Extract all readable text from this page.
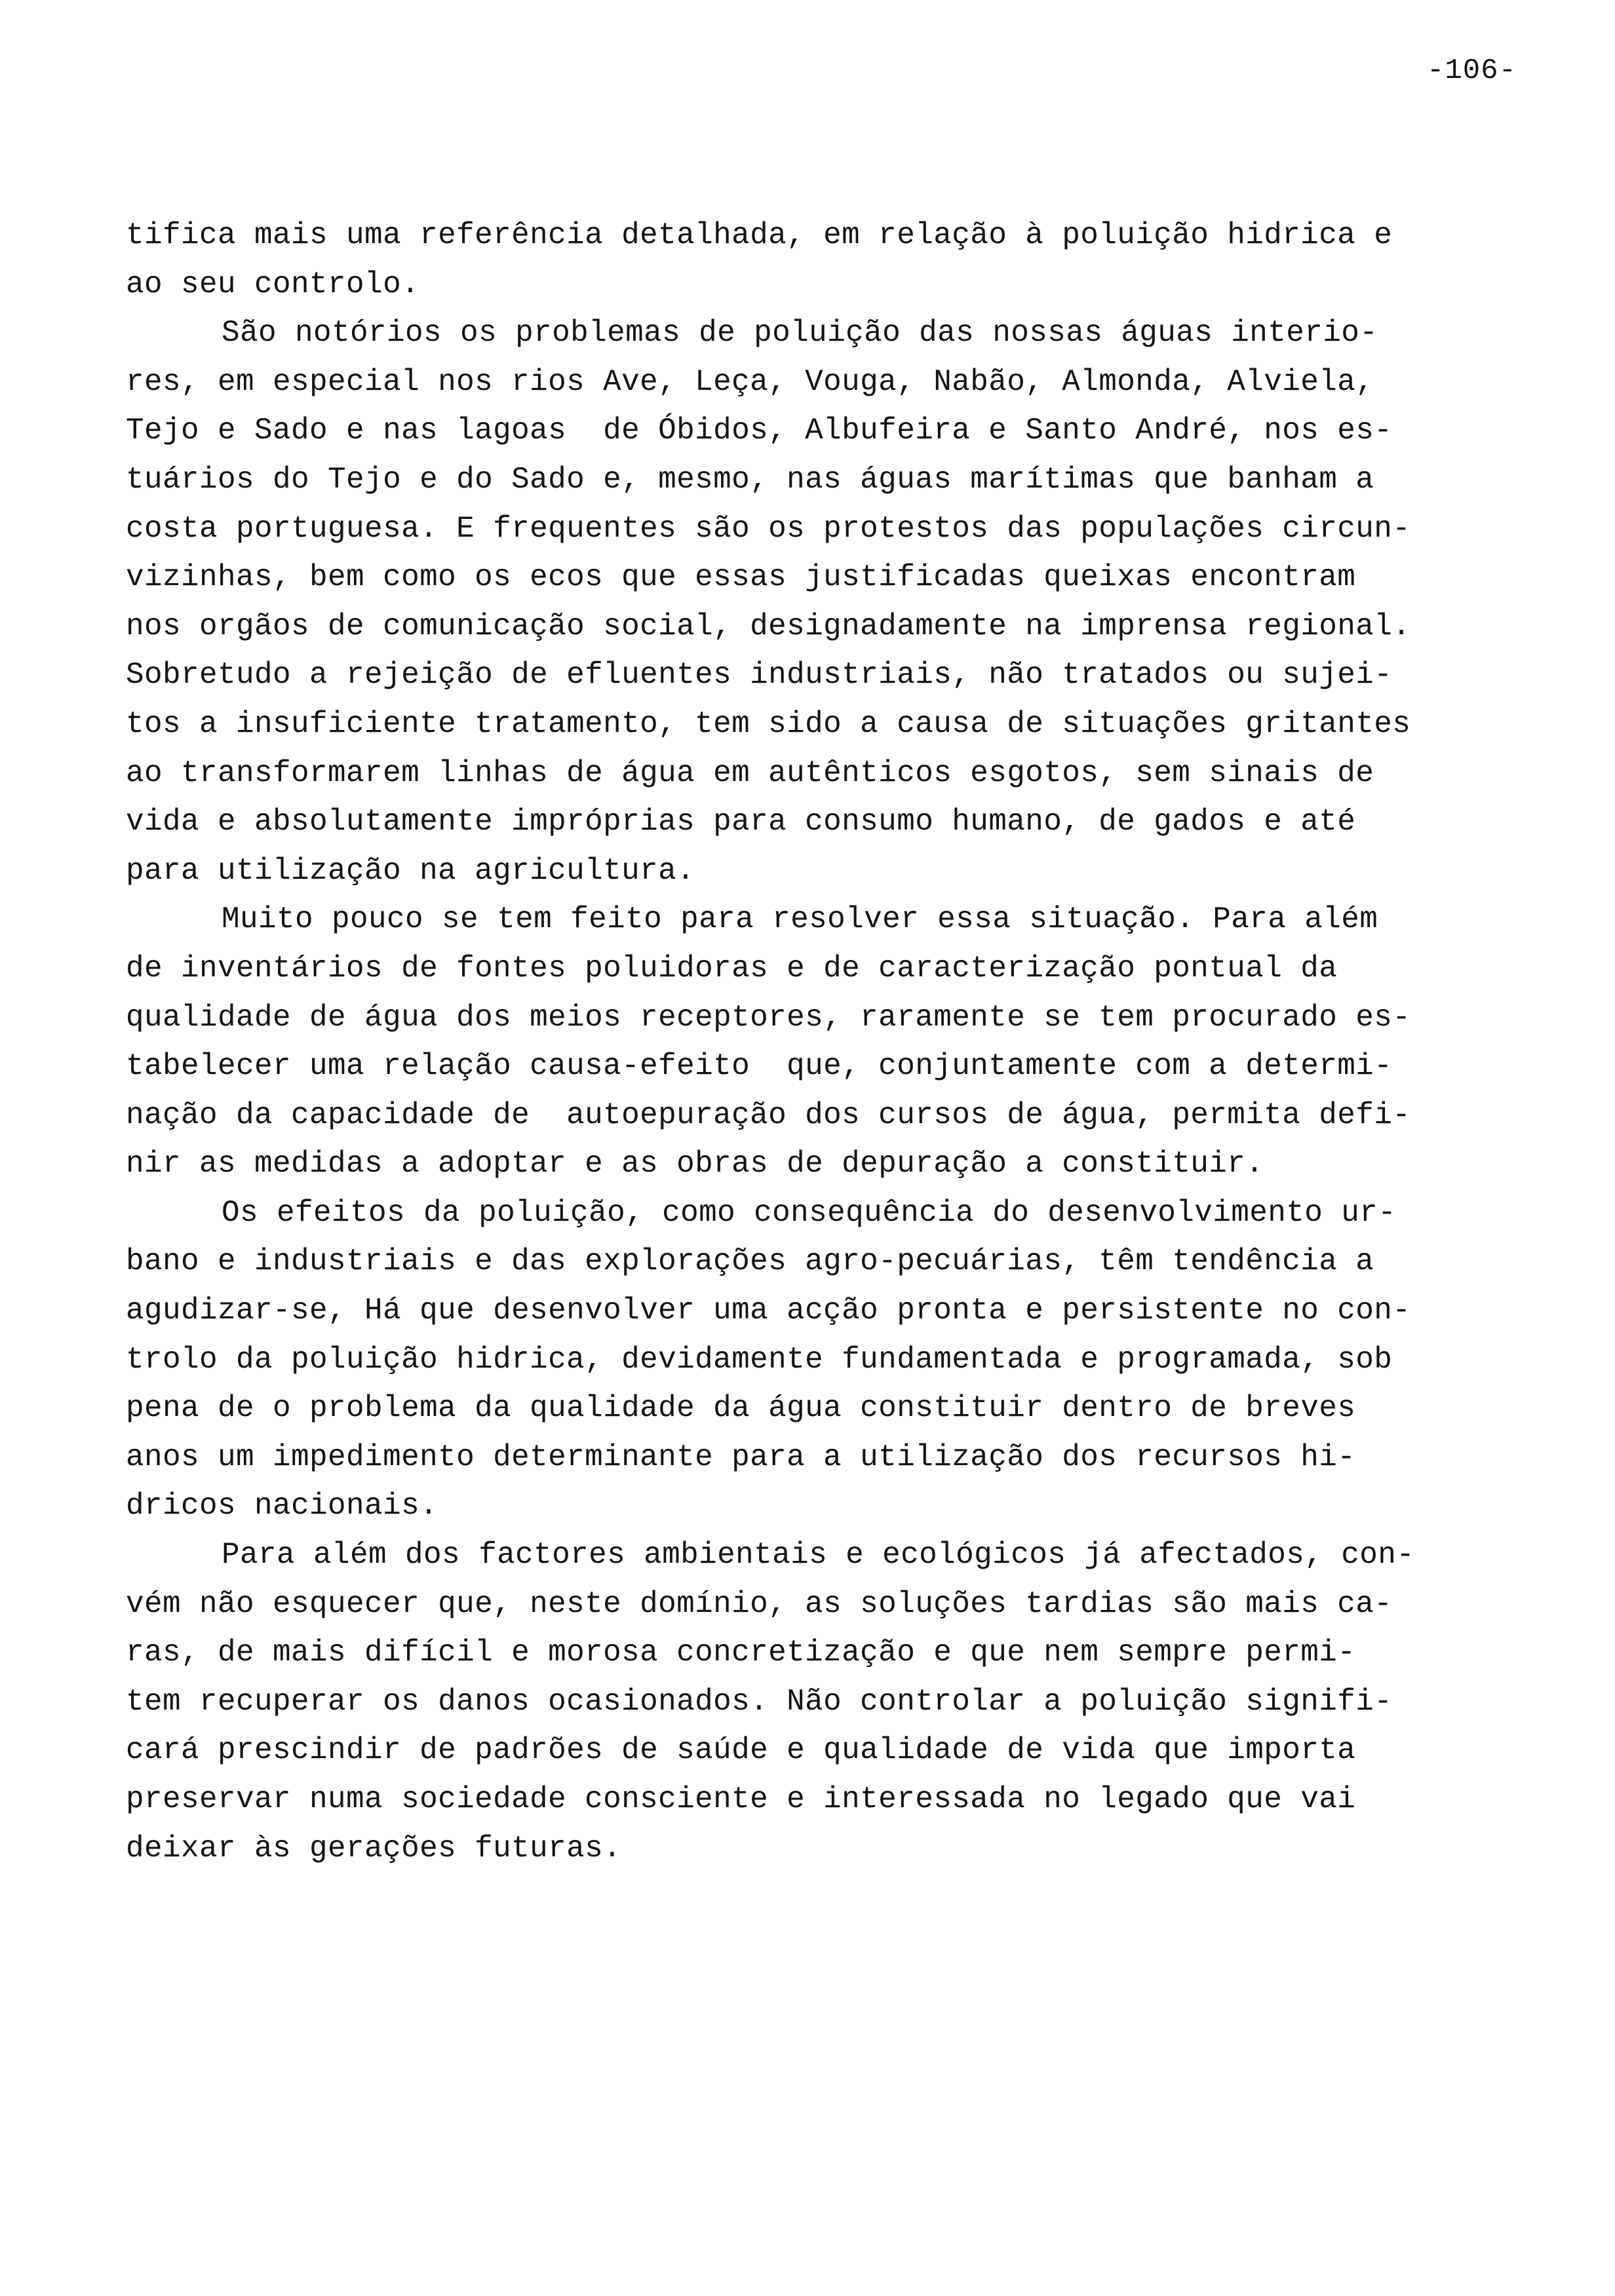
-106-
tifica mais uma referência detalhada, em relação à poluição hidrica e
ao seu controlo.
São notórios os problemas de poluição das nossas águas interio-
res, em especial nos rios Ave, Leça, Vouga, Nabão, Almonda, Alviela,
Tejo e Sado e nas lagoas  de Óbidos, Albufeira e Santo André, nos es-
tuários do Tejo e do Sado e, mesmo, nas águas marítimas que banham a
costa portuguesa. E frequentes são os protestos das populações circun-
vizinhas, bem como os ecos que essas justificadas queixas encontram
nos orgãos de comunicação social, designadamente na imprensa regional.
Sobretudo a rejeição de efluentes industriais, não tratados ou sujei-
tos a insuficiente tratamento, tem sido a causa de situações gritantes
ao transformarem linhas de água em autênticos esgotos, sem sinais de
vida e absolutamente impróprias para consumo humano, de gados e até
para utilização na agricultura.
Muito pouco se tem feito para resolver essa situação. Para além
de inventários de fontes poluidoras e de caracterização pontual da
qualidade de água dos meios receptores, raramente se tem procurado es-
tabelecer uma relação causa-efeito  que, conjuntamente com a determi-
nação da capacidade de  autoepuração dos cursos de água, permita defi-
nir as medidas a adoptar e as obras de depuração a constituir.
Os efeitos da poluição, como consequência do desenvolvimento ur-
bano e industriais e das explorações agro-pecuárias, têm tendência a
agudizar-se, Há que desenvolver uma acção pronta e persistente no con-
trolo da poluição hidrica, devidamente fundamentada e programada, sob
pena de o problema da qualidade da água constituir dentro de breves
anos um impedimento determinante para a utilização dos recursos hi-
dricos nacionais.
Para além dos factores ambientais e ecológicos já afectados, con-
vém não esquecer que, neste domínio, as soluções tardias são mais ca-
ras, de mais difícil e morosa concretização e que nem sempre permi-
tem recuperar os danos ocasionados. Não controlar a poluição signifi-
cará prescindir de padrões de saúde e qualidade de vida que importa
preservar numa sociedade consciente e interessada no legado que vai
deixar às gerações futuras.
